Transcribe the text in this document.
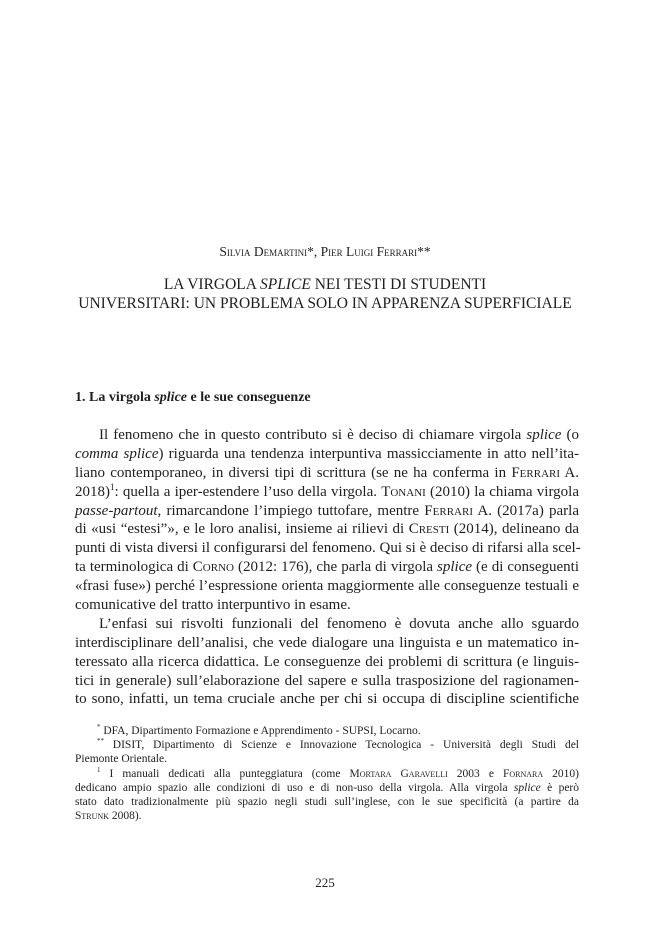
Silvia Demartini*, Pier Luigi Ferrari**
LA VIRGOLA SPLICE NEI TESTI DI STUDENTI
UNIVERSITARI: UN PROBLEMA SOLO IN APPARENZA SUPERFICIALE
1. La virgola splice e le sue conseguenze
Il fenomeno che in questo contributo si è deciso di chiamare virgola splice (o
comma splice) riguarda una tendenza interpuntiva massicciamente in atto nell’ita-
liano contemporaneo, in diversi tipi di scrittura (se ne ha conferma in Ferrari A.
2018)$^1$: quella a iper-estendere l’uso della virgola. Tonani (2010) la chiama virgola
passe-partout, rimarcandone l’impiego tuttofare, mentre Ferrari A. (2017a) parla
di «usi “estesi”», e le loro analisi, insieme ai rilievi di Cresti (2014), delineano da
punti di vista diversi il configurarsi del fenomeno. Qui si è deciso di rifarsi alla scel-
ta terminologica di Corno (2012: 176), che parla di virgola splice (e di conseguenti
«frasi fuse») perché l’espressione orienta maggiormente alle conseguenze testuali e
comunicative del tratto interpuntivo in esame.
L’enfasi sui risvolti funzionali del fenomeno è dovuta anche allo sguardo
interdisciplinare dell’analisi, che vede dialogare una linguista e un matematico in-
teressato alla ricerca didattica. Le conseguenze dei problemi di scrittura (e linguis-
tici in generale) sull’elaborazione del sapere e sulla trasposizione del ragionamen-
to sono, infatti, un tema cruciale anche per chi si occupa di discipline scientifiche
* DFA, Dipartimento Formazione e Apprendimento - SUPSI, Locarno.
** DISIT, Dipartimento di Scienze e Innovazione Tecnologica - Università degli Studi del
Piemonte Orientale.
$^1$ I manuali dedicati alla punteggiatura (come Mortara Garavelli 2003 e Fornara 2010)
dedicano ampio spazio alle condizioni di uso e di non-uso della virgola. Alla virgola splice è però
stato dato tradizionalmente più spazio negli studi sull’inglese, con le sue specificità (a partire da
Strunk 2008).
225
